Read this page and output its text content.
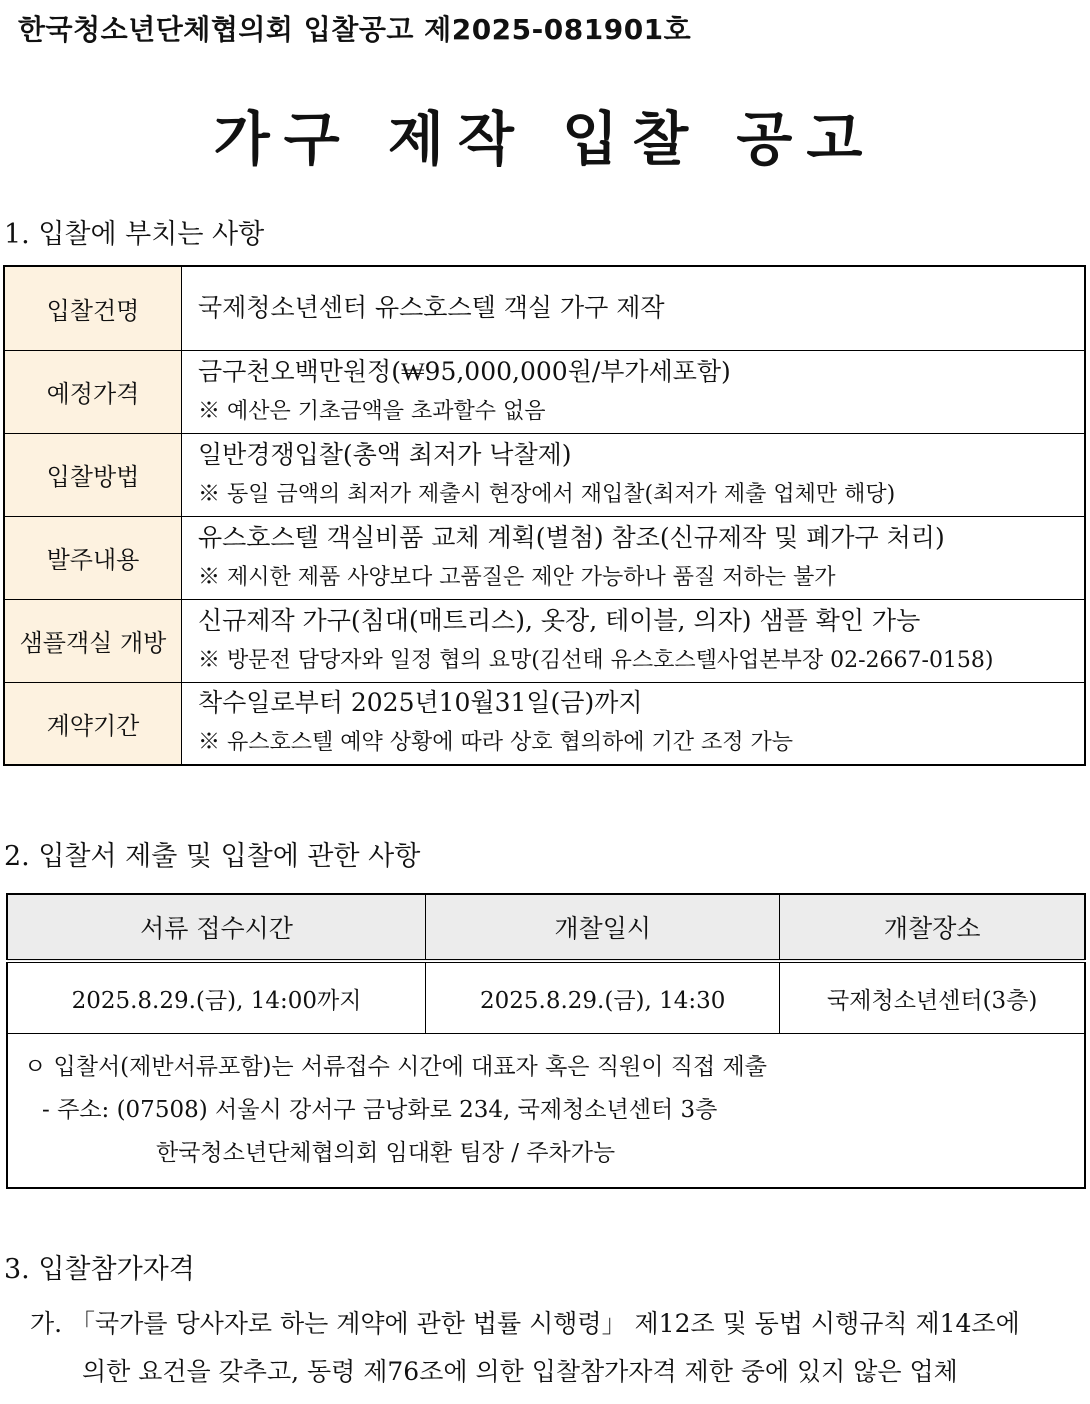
한국청소년단체협의회 입찰공고 제2025-081901호
가구 제작 입찰 공고
1. 입찰에 부치는 사항
입찰건명	국제청소년센터 유스호스텔 객실 가구 제작

예정가격	금구천오백만원정(₩95,000,000원/부가세포함)
※ 예산은 기초금액을 초과할수 없음

입찰방법	일반경쟁입찰(총액 최저가 낙찰제)
※ 동일 금액의 최저가 제출시 현장에서 재입찰(최저가 제출 업체만 해당)

발주내용	유스호스텔 객실비품 교체 계획(별첨) 참조(신규제작 및 폐가구 처리)
※ 제시한 제품 사양보다 고품질은 제안 가능하나 품질 저하는 불가

샘플객실 개방	신규제작 가구(침대(매트리스), 옷장, 테이블, 의자) 샘플 확인 가능
※ 방문전 담당자와 일정 협의 요망(김선태 유스호스텔사업본부장 02-2667-0158)

계약기간	착수일로부터 2025년10월31일(금)까지
※ 유스호스텔 예약 상황에 따라 상호 협의하에 기간 조정 가능
2. 입찰서 제출 및 입찰에 관한 사항
서류 접수시간	개찰일시	개찰장소
2025.8.29.(금), 14:00까지	2025.8.29.(금), 14:30	국제청소년센터(3층)

ㅇ 입찰서(제반서류포함)는 서류접수 시간에 대표자 혹은 직원이 직접 제출
- 주소: (07508) 서울시 강서구 금낭화로 234, 국제청소년센터 3층
한국청소년단체협의회 임대환 팀장 / 주차가능		
3. 입찰참가자격
가. 「국가를 당사자로 하는 계약에 관한 법률 시행령」 제12조 및 동법 시행규칙 제14조에
의한 요건을 갖추고, 동령 제76조에 의한 입찰참가자격 제한 중에 있지 않은 업체
